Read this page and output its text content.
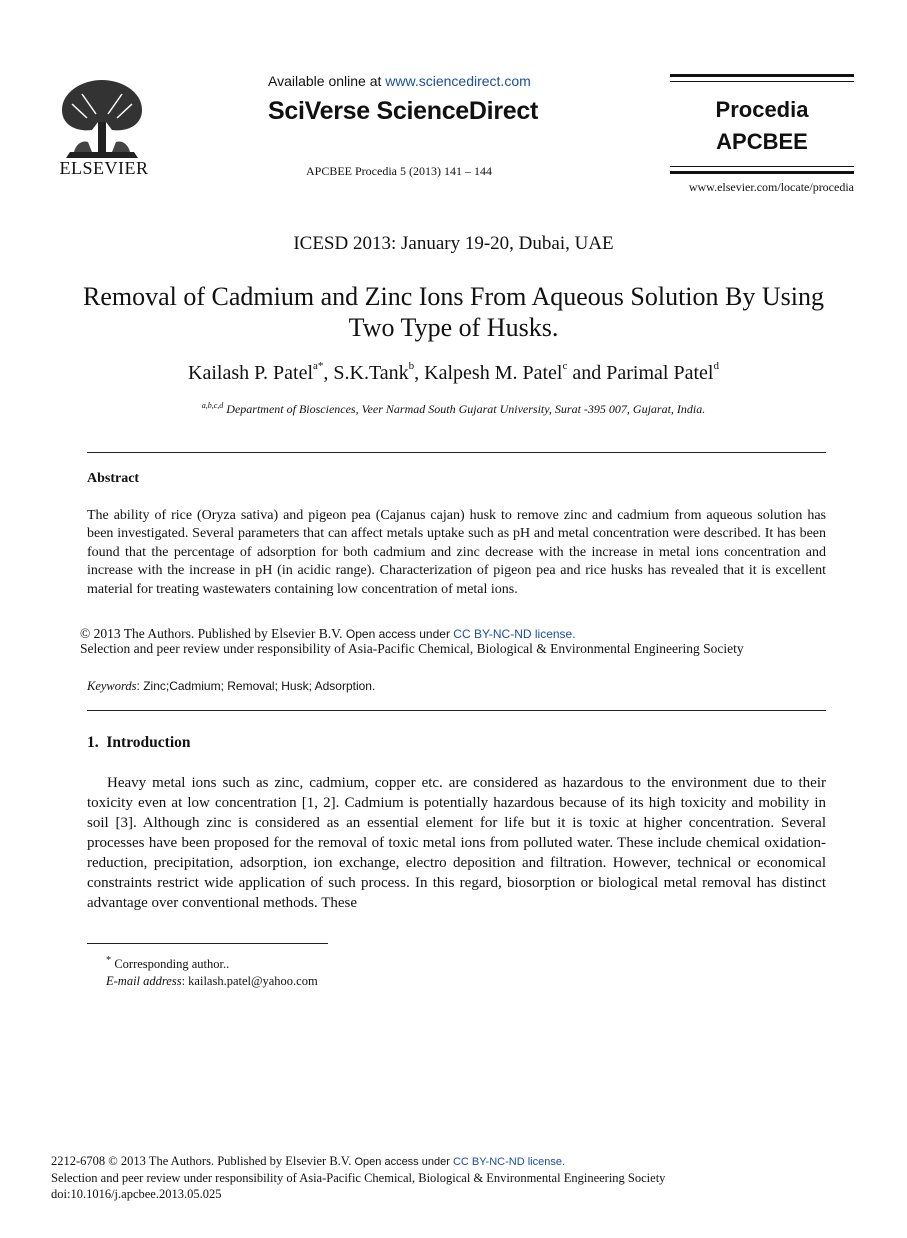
ELSEVIER
Available online at www.sciencedirect.com
SciVerse ScienceDirect
APCBEE Procedia 5 (2013) 141 – 144
Procedia
APCBEE
www.elsevier.com/locate/procedia
ICESD 2013: January 19-20, Dubai, UAE
Removal of Cadmium and Zinc Ions From Aqueous Solution By Using Two Type of Husks.
Kailash P. Patel$^{a*}$, S.K.Tank$^b$, Kalpesh M. Patel$^c$ and Parimal Patel$^d$
$^{a,b,c,d}$ Department of Biosciences, Veer Narmad South Gujarat University, Surat -395 007, Gujarat, India.
Abstract
The ability of rice (Oryza sativa) and pigeon pea (Cajanus cajan) husk to remove zinc and cadmium from aqueous solution has been investigated. Several parameters that can affect metals uptake such as pH and metal concentration were described. It has been found that the percentage of adsorption for both cadmium and zinc decrease with the increase in metal ions concentration and increase with the increase in pH (in acidic range). Characterization of pigeon pea and rice husks has revealed that it is excellent material for treating wastewaters containing low concentration of metal ions.
© 2013 The Authors. Published by Elsevier B.V. Open access under CC BY-NC-ND license.
Selection and peer review under responsibility of Asia-Pacific Chemical, Biological & Environmental Engineering Society
Keywords: Zinc;Cadmium; Removal; Husk; Adsorption.
1. Introduction
Heavy metal ions such as zinc, cadmium, copper etc. are considered as hazardous to the environment due to their toxicity even at low concentration [1, 2]. Cadmium is potentially hazardous because of its high toxicity and mobility in soil [3]. Although zinc is considered as an essential element for life but it is toxic at higher concentration. Several processes have been proposed for the removal of toxic metal ions from polluted water. These include chemical oxidation-reduction, precipitation, adsorption, ion exchange, electro deposition and filtration. However, technical or economical constraints restrict wide application of such process. In this regard, biosorption or biological metal removal has distinct advantage over conventional methods. These
* Corresponding author..
E-mail address: kailash.patel@yahoo.com
2212-6708 © 2013 The Authors. Published by Elsevier B.V. Open access under CC BY-NC-ND license.
Selection and peer review under responsibility of Asia-Pacific Chemical, Biological & Environmental Engineering Society
doi:10.1016/j.apcbee.2013.05.025
